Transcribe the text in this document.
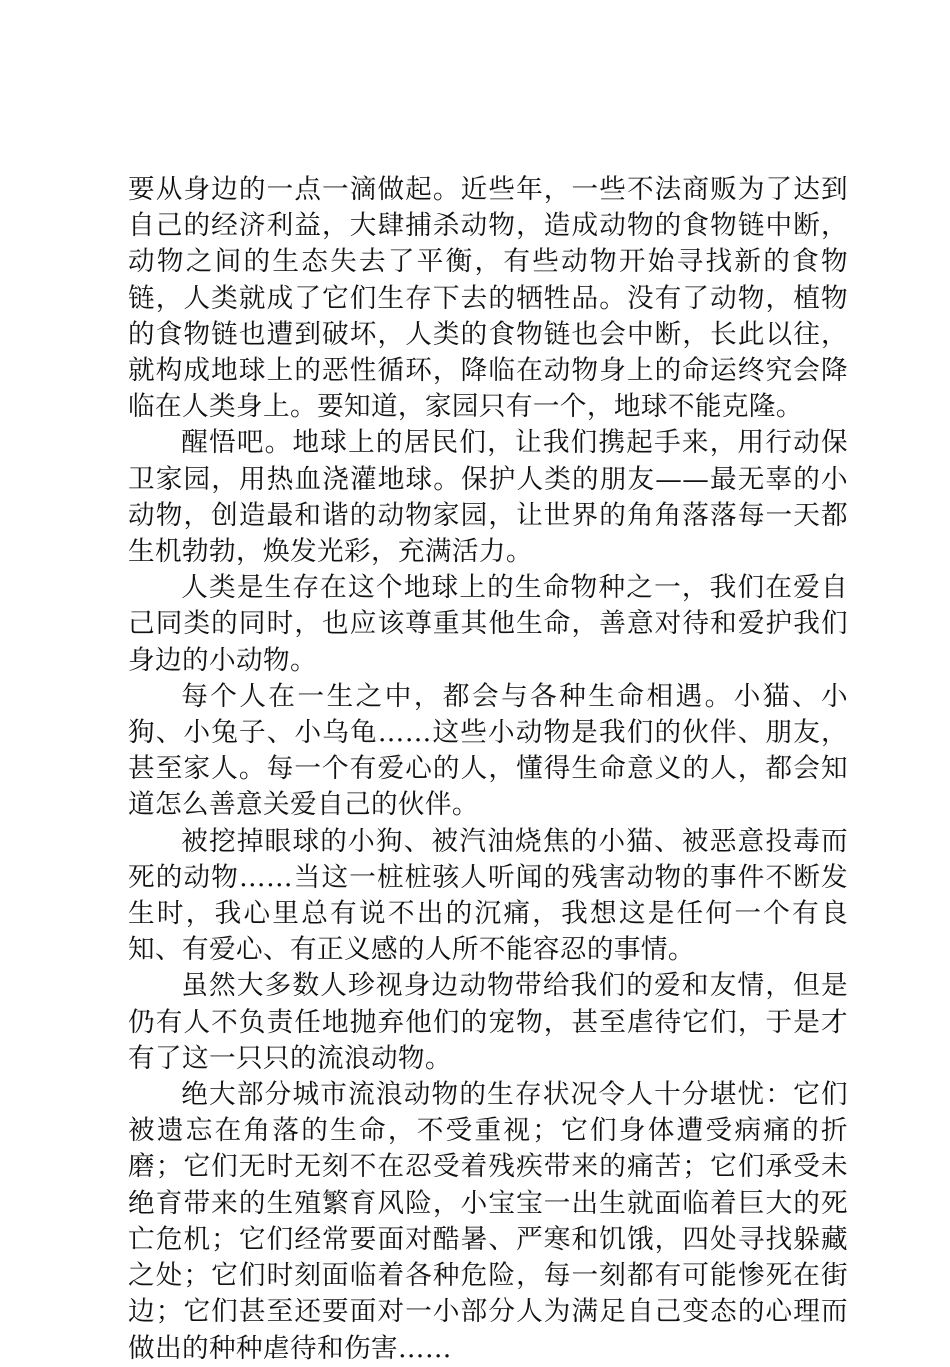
要从身边的一点一滴做起。近些年，一些不法商贩为了达到自己的经济利益，大肆捕杀动物，造成动物的食物链中断，动物之间的生态失去了平衡，有些动物开始寻找新的食物链，人类就成了它们生存下去的牺牲品。没有了动物，植物的食物链也遭到破坏，人类的食物链也会中断，长此以往，就构成地球上的恶性循环，降临在动物身上的命运终究会降临在人类身上。要知道，家园只有一个，地球不能克隆。

醒悟吧。地球上的居民们，让我们携起手来，用行动保卫家园，用热血浇灌地球。保护人类的朋友——最无辜的小动物，创造最和谐的动物家园，让世界的角角落落每一天都生机勃勃，焕发光彩，充满活力。

人类是生存在这个地球上的生命物种之一，我们在爱自己同类的同时，也应该尊重其他生命，善意对待和爱护我们身边的小动物。

每个人在一生之中，都会与各种生命相遇。小猫、小狗、小兔子、小乌龟……这些小动物是我们的伙伴、朋友，甚至家人。每一个有爱心的人，懂得生命意义的人，都会知道怎么善意关爱自己的伙伴。

被挖掉眼球的小狗、被汽油烧焦的小猫、被恶意投毒而死的动物……当这一桩桩骇人听闻的残害动物的事件不断发生时，我心里总有说不出的沉痛，我想这是任何一个有良知、有爱心、有正义感的人所不能容忍的事情。

虽然大多数人珍视身边动物带给我们的爱和友情，但是仍有人不负责任地抛弃他们的宠物，甚至虐待它们，于是才有了这一只只的流浪动物。

绝大部分城市流浪动物的生存状况令人十分堪忧：它们被遗忘在角落的生命，不受重视；它们身体遭受病痛的折磨；它们无时无刻不在忍受着残疾带来的痛苦；它们承受未绝育带来的生殖繁育风险，小宝宝一出生就面临着巨大的死亡危机；它们经常要面对酷暑、严寒和饥饿，四处寻找躲藏之处；它们时刻面临着各种危险，每一刻都有可能惨死在街边；它们甚至还要面对一小部分人为满足自己变态的心理而做出的种种虐待和伤害……
